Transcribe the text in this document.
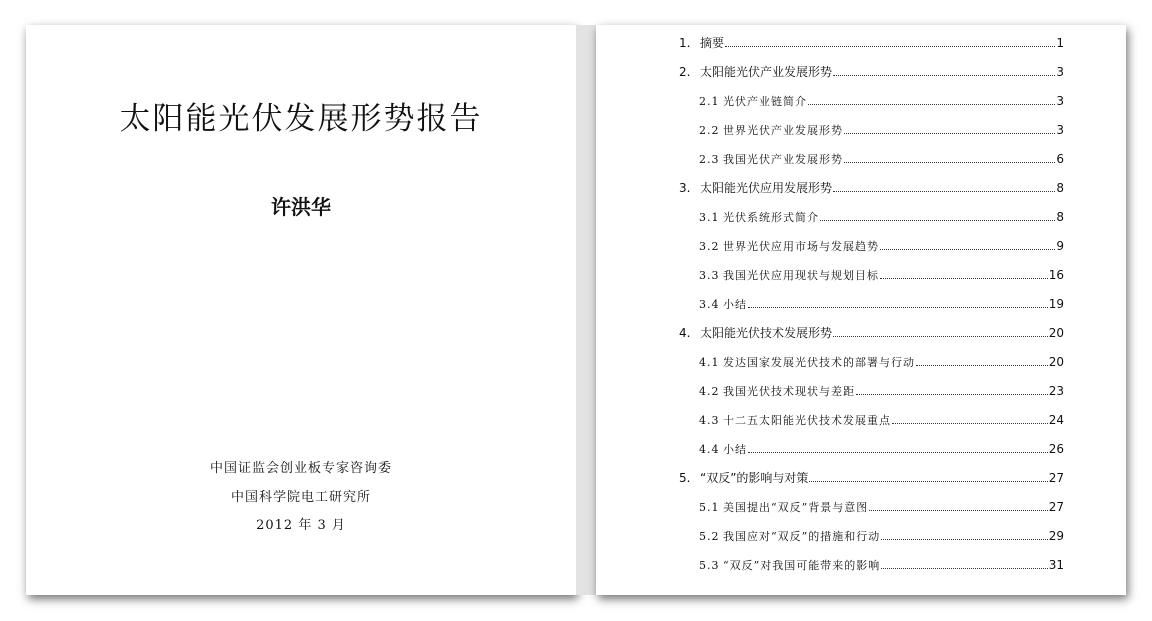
太阳能光伏发展形势报告
许洪华
中国证监会创业板专家咨询委
中国科学院电工研究所
2012 年 3 月
1. 摘要	1
2. 太阳能光伏产业发展形势	3
2.1 光伏产业链简介	3
2.2 世界光伏产业发展形势	3
2.3 我国光伏产业发展形势	6
3. 太阳能光伏应用发展形势	8
3.1 光伏系统形式简介	8
3.2 世界光伏应用市场与发展趋势	9
3.3 我国光伏应用现状与规划目标	16
3.4 小结	19
4. 太阳能光伏技术发展形势	20
4.1 发达国家发展光伏技术的部署与行动	20
4.2 我国光伏技术现状与差距	23
4.3 十二五太阳能光伏技术发展重点	24
4.4 小结	26
5. “双反”的影响与对策	27
5.1 美国提出“双反”背景与意图	27
5.2 我国应对“双反”的措施和行动	29
5.3 “双反”对我国可能带来的影响	31
